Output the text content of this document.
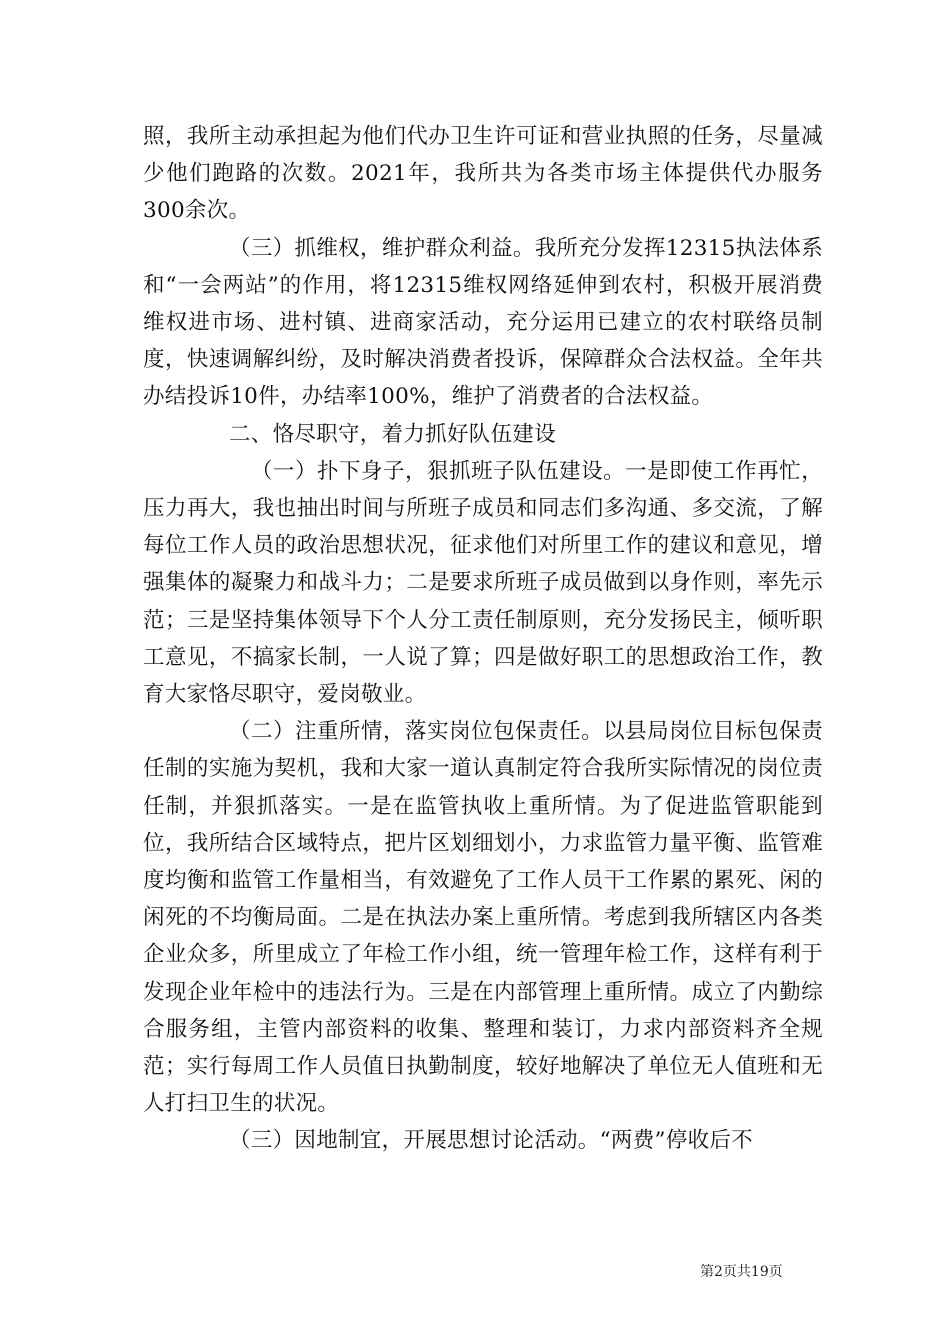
照，我所主动承担起为他们代办卫生许可证和营业执照的任务，尽量减少他们跑路的次数。2021年，我所共为各类市场主体提供代办服务300余次。

（三）抓维权，维护群众利益。我所充分发挥12315执法体系和“一会两站”的作用，将12315维权网络延伸到农村，积极开展消费维权进市场、进村镇、进商家活动，充分运用已建立的农村联络员制度，快速调解纠纷，及时解决消费者投诉，保障群众合法权益。全年共办结投诉10件，办结率100%，维护了消费者的合法权益。

二、恪尽职守，着力抓好队伍建设

（一）扑下身子，狠抓班子队伍建设。一是即使工作再忙，压力再大，我也抽出时间与所班子成员和同志们多沟通、多交流，了解每位工作人员的政治思想状况，征求他们对所里工作的建议和意见，增强集体的凝聚力和战斗力；二是要求所班子成员做到以身作则，率先示范；三是坚持集体领导下个人分工责任制原则，充分发扬民主，倾听职工意见，不搞家长制，一人说了算；四是做好职工的思想政治工作，教育大家恪尽职守，爱岗敬业。

（二）注重所情，落实岗位包保责任。以县局岗位目标包保责任制的实施为契机，我和大家一道认真制定符合我所实际情况的岗位责任制，并狠抓落实。一是在监管执收上重所情。为了促进监管职能到位，我所结合区域特点，把片区划细划小，力求监管力量平衡、监管难度均衡和监管工作量相当，有效避免了工作人员干工作累的累死、闲的闲死的不均衡局面。二是在执法办案上重所情。考虑到我所辖区内各类企业众多，所里成立了年检工作小组，统一管理年检工作，这样有利于发现企业年检中的违法行为。三是在内部管理上重所情。成立了内勤综合服务组，主管内部资料的收集、整理和装订，力求内部资料齐全规范；实行每周工作人员值日执勤制度，较好地解决了单位无人值班和无人打扫卫生的状况。

（三）因地制宜，开展思想讨论活动。“两费”停收后不

第2页共19页
